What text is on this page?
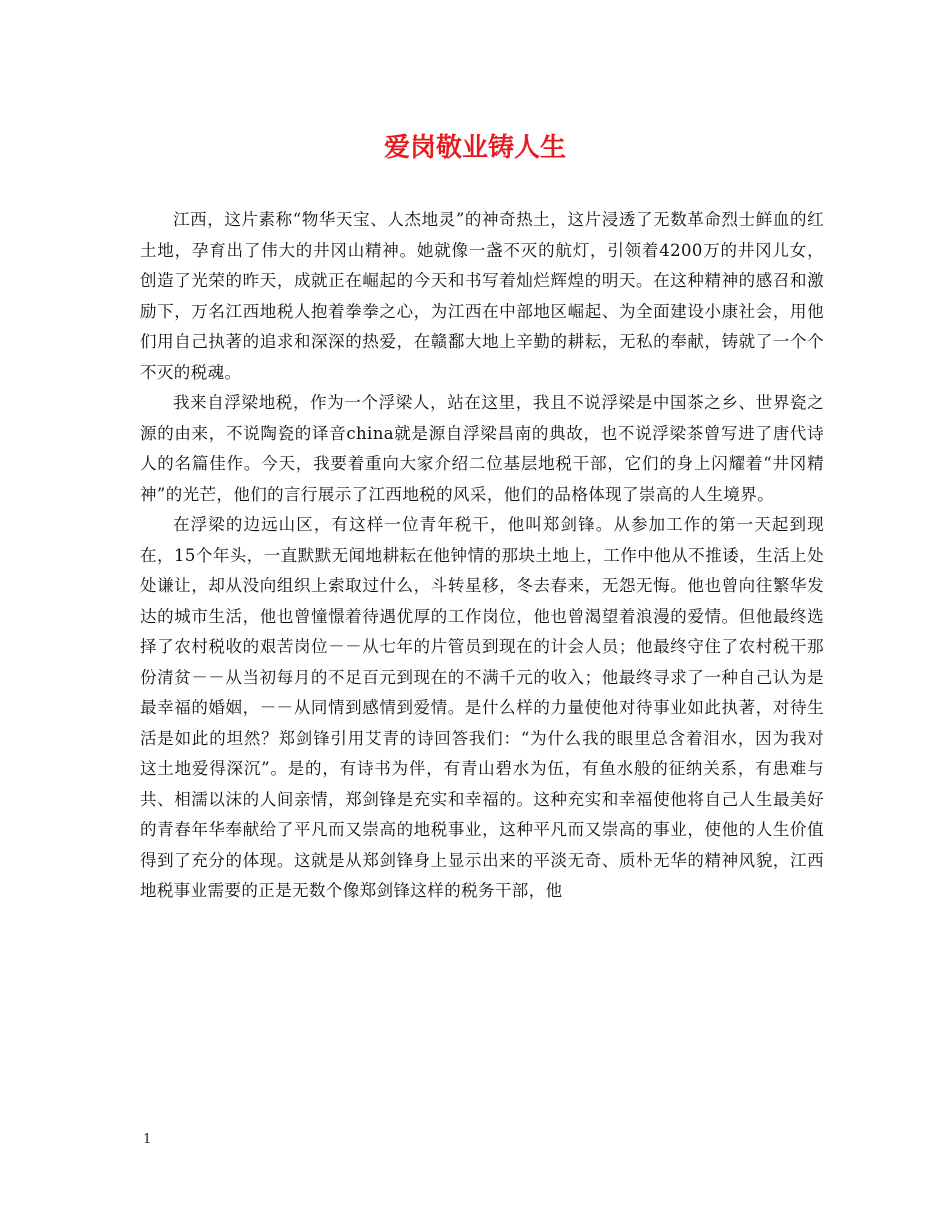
爱岗敬业铸人生

江西，这片素称“物华天宝、人杰地灵”的神奇热土，这片浸透了无数革命烈士鲜血的红土地，孕育出了伟大的井冈山精神。她就像一盏不灭的航灯，引领着4200万的井冈儿女，创造了光荣的昨天，成就正在崛起的今天和书写着灿烂辉煌的明天。在这种精神的感召和激励下，万名江西地税人抱着拳拳之心，为江西在中部地区崛起、为全面建设小康社会，用他们用自己执著的追求和深深的热爱，在赣鄱大地上辛勤的耕耘，无私的奉献，铸就了一个个不灭的税魂。

我来自浮梁地税，作为一个浮梁人，站在这里，我且不说浮梁是中国茶之乡、世界瓷之源的由来，不说陶瓷的译音china就是源自浮梁昌南的典故，也不说浮梁茶曾写进了唐代诗人的名篇佳作。今天，我要着重向大家介绍二位基层地税干部，它们的身上闪耀着“井冈精神”的光芒，他们的言行展示了江西地税的风采，他们的品格体现了崇高的人生境界。

在浮梁的边远山区，有这样一位青年税干，他叫郑剑锋。从参加工作的第一天起到现在，15个年头，一直默默无闻地耕耘在他钟情的那块土地上，工作中他从不推诿，生活上处处谦让，却从没向组织上索取过什么，斗转星移，冬去春来，无怨无悔。他也曾向往繁华发达的城市生活，他也曾憧憬着待遇优厚的工作岗位，他也曾渴望着浪漫的爱情。但他最终选择了农村税收的艰苦岗位－－从七年的片管员到现在的计会人员；他最终守住了农村税干那份清贫－－从当初每月的不足百元到现在的不满千元的收入；他最终寻求了一种自己认为是最幸福的婚姻，－－从同情到感情到爱情。是什么样的力量使他对待事业如此执著，对待生活是如此的坦然？郑剑锋引用艾青的诗回答我们：“为什么我的眼里总含着泪水，因为我对这土地爱得深沉”。是的，有诗书为伴，有青山碧水为伍，有鱼水般的征纳关系，有患难与共、相濡以沫的人间亲情，郑剑锋是充实和幸福的。这种充实和幸福使他将自己人生最美好的青春年华奉献给了平凡而又崇高的地税事业，这种平凡而又崇高的事业，使他的人生价值得到了充分的体现。这就是从郑剑锋身上显示出来的平淡无奇、质朴无华的精神风貌，江西地税事业需要的正是无数个像郑剑锋这样的税务干部，他

1
